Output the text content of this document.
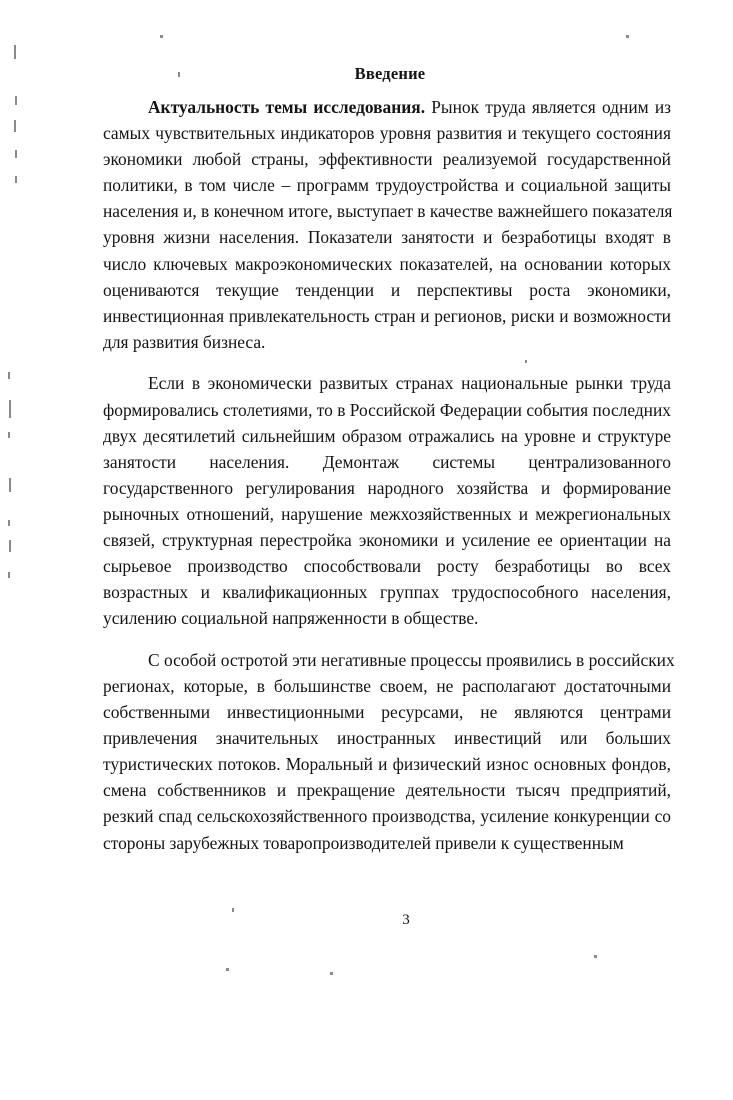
Введение

Актуальность темы исследования. Рынок труда является одним из
самых чувствительных индикаторов уровня развития и текущего состояния
экономики любой страны, эффективности реализуемой государственной
политики, в том числе – программ трудоустройства и социальной защиты
населения и, в конечном итоге, выступает в качестве важнейшего показателя
уровня жизни населения. Показатели занятости и безработицы входят в
число ключевых макроэкономических показателей, на основании которых
оцениваются текущие тенденции и перспективы роста экономики,
инвестиционная привлекательность стран и регионов, риски и возможности
для развития бизнеса.

Если в экономически развитых странах национальные рынки труда
формировались столетиями, то в Российской Федерации события последних
двух десятилетий сильнейшим образом отражались на уровне и структуре
занятости населения. Демонтаж системы централизованного
государственного регулирования народного хозяйства и формирование
рыночных отношений, нарушение межхозяйственных и межрегиональных
связей, структурная перестройка экономики и усиление ее ориентации на
сырьевое производство способствовали росту безработицы во всех
возрастных и квалификационных группах трудоспособного населения,
усилению социальной напряженности в обществе.

С особой остротой эти негативные процессы проявились в российских
регионах, которые, в большинстве своем, не располагают достаточными
собственными инвестиционными ресурсами, не являются центрами
привлечения значительных иностранных инвестиций или больших
туристических потоков. Моральный и физический износ основных фондов,
смена собственников и прекращение деятельности тысяч предприятий,
резкий спад сельскохозяйственного производства, усиление конкуренции со
стороны зарубежных товаропроизводителей привели к существенным

3
